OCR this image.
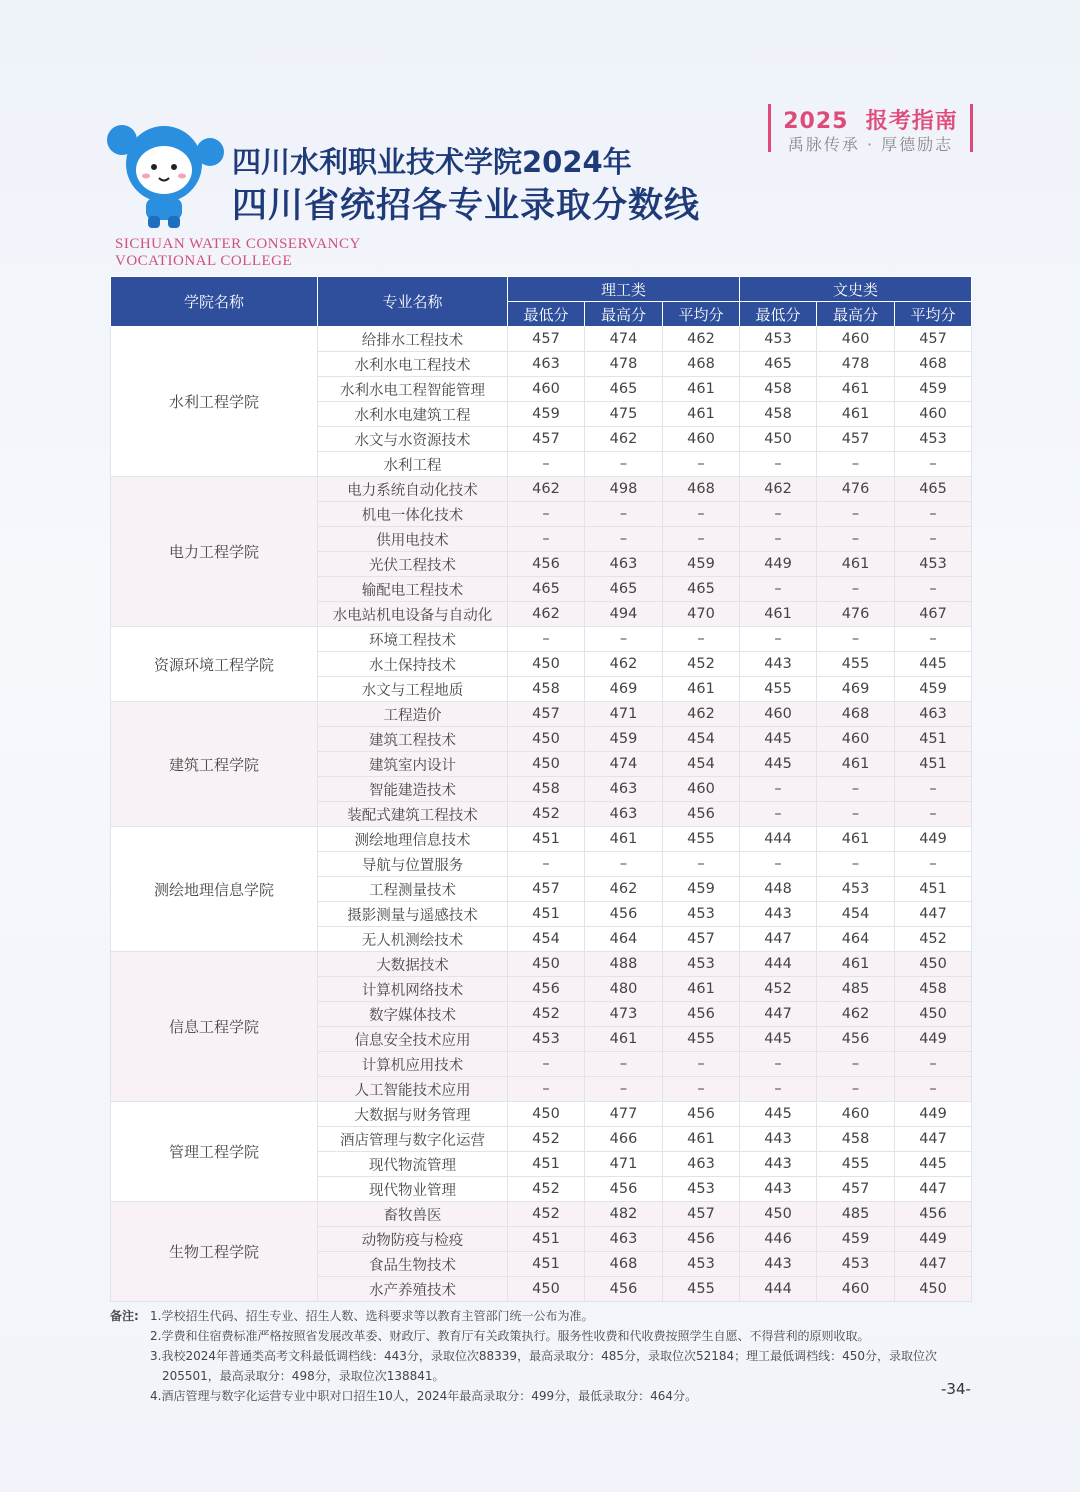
2025 报考指南
禹脉传承 · 厚德励志
四川水利职业技术学院2024年
四川省统招各专业录取分数线
SICHUAN WATER CONSERVANCY
VOCATIONAL COLLEGE
学院名称	专业名称	理工类			文史类		
		最低分	最高分	平均分	最低分	最高分	平均分
水利工程学院	给排水工程技术	457	474	462	453	460	457
	水利水电工程技术	463	478	468	465	478	468
	水利水电工程智能管理	460	465	461	458	461	459
	水利水电建筑工程	459	475	461	458	461	460
	水文与水资源技术	457	462	460	450	457	453
	水利工程	–	–	–	–	–	–
电力工程学院	电力系统自动化技术	462	498	468	462	476	465
	机电一体化技术	–	–	–	–	–	–
	供用电技术	–	–	–	–	–	–
	光伏工程技术	456	463	459	449	461	453
	输配电工程技术	465	465	465	–	–	–
	水电站机电设备与自动化	462	494	470	461	476	467
资源环境工程学院	环境工程技术	–	–	–	–	–	–
	水土保持技术	450	462	452	443	455	445
	水文与工程地质	458	469	461	455	469	459
建筑工程学院	工程造价	457	471	462	460	468	463
	建筑工程技术	450	459	454	445	460	451
	建筑室内设计	450	474	454	445	461	451
	智能建造技术	458	463	460	–	–	–
	装配式建筑工程技术	452	463	456	–	–	–
测绘地理信息学院	测绘地理信息技术	451	461	455	444	461	449
	导航与位置服务	–	–	–	–	–	–
	工程测量技术	457	462	459	448	453	451
	摄影测量与遥感技术	451	456	453	443	454	447
	无人机测绘技术	454	464	457	447	464	452
信息工程学院	大数据技术	450	488	453	444	461	450
	计算机网络技术	456	480	461	452	485	458
	数字媒体技术	452	473	456	447	462	450
	信息安全技术应用	453	461	455	445	456	449
	计算机应用技术	–	–	–	–	–	–
	人工智能技术应用	–	–	–	–	–	–
管理工程学院	大数据与财务管理	450	477	456	445	460	449
	酒店管理与数字化运营	452	466	461	443	458	447
	现代物流管理	451	471	463	443	455	445
	现代物业管理	452	456	453	443	457	447
生物工程学院	畜牧兽医	452	482	457	450	485	456
	动物防疫与检疫	451	463	456	446	459	449
	食品生物技术	451	468	453	443	453	447
	水产养殖技术	450	456	455	444	460	450
备注: 1.学校招生代码、招生专业、招生人数、选科要求等以教育主管部门统一公布为准。
2.学费和住宿费标准严格按照省发展改革委、财政厅、教育厅有关政策执行。服务性收费和代收费按照学生自愿、不得营利的原则收取。
3.我校2024年普通类高考文科最低调档线：443分，录取位次88339，最高录取分：485分，录取位次52184；理工最低调档线：450分，录取位次
205501，最高录取分：498分，录取位次138841。
4.酒店管理与数字化运营专业中职对口招生10人，2024年最高录取分：499分，最低录取分：464分。	-34-
